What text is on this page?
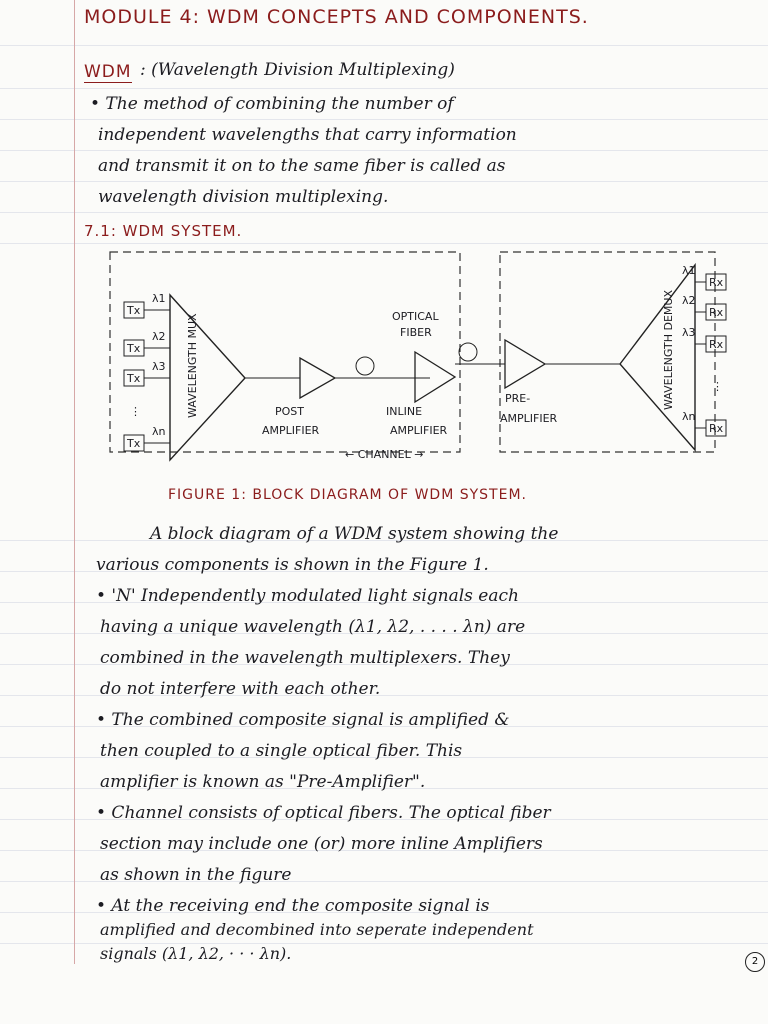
MODULE 4: WDM CONCEPTS AND COMPONENTS.
WDM : (Wavelength Division Multiplexing)
• The method of combining the number of
independent wavelengths that carry information
and transmit it on to the same fiber is called as
wavelength division multiplexing.
7.1: WDM SYSTEM.
Tx
Tx
Tx
Tx
λ1
λ2
λ3
λn
⋮	WAVELENGTH MUX	POST
AMPLIFIER
OPTICAL
FIBER
INLINE
AMPLIFIER
PRE-
AMPLIFIER
WAVELENGTH DEMUX
λ1
λ2
λ3
λn
Rx
Rx
Rx
Rx
⋮
← CHANNEL →
FIGURE 1: BLOCK DIAGRAM OF WDM SYSTEM.
A block diagram of a WDM system showing the
various components is shown in the Figure 1.
• 'N' Independently modulated light signals each
having a unique wavelength (λ1, λ2, . . . . λn) are
combined in the wavelength multiplexers. They
do not interfere with each other.
• The combined composite signal is amplified &
then coupled to a single optical fiber. This
amplifier is known as "Pre-Amplifier".
• Channel consists of optical fibers. The optical fiber
section may include one (or) more inline Amplifiers
as shown in the figure
• At the receiving end the composite signal is
amplified and decombined into seperate independent
signals (λ1, λ2, · · · λn).	2
